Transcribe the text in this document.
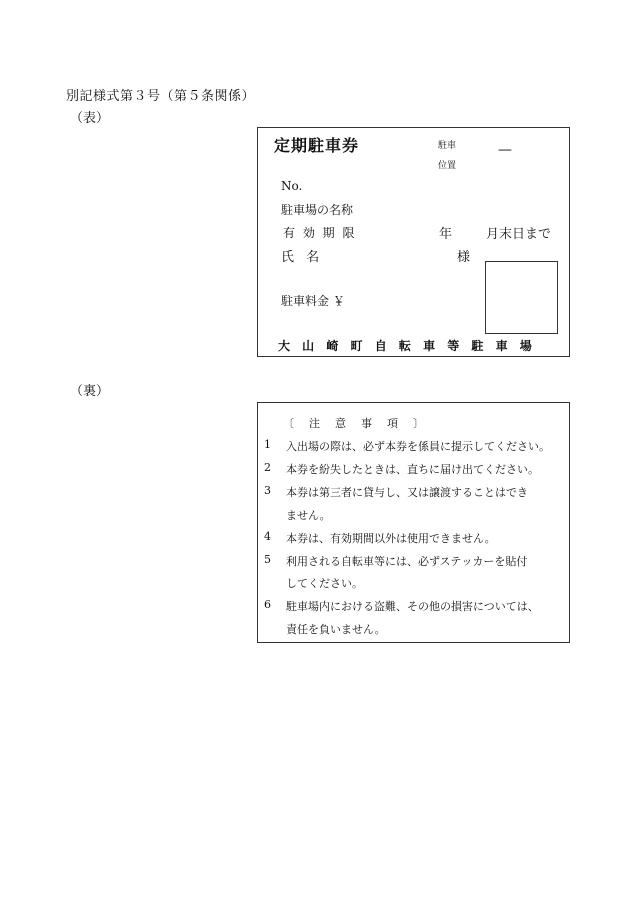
別記様式第３号（第５条関係）
（表）
定期駐車券	駐車
位置
—
No.
駐車場の名称
有 効 期 限	年	月末日まで
氏 名	様
駐車料金 ￥
大 山 崎 町 自 転 車 等 駐 車 場
（裏）
〔　注　意　事　項　〕
1 入出場の際は、必ず本券を係員に提示してください。
2 本券を紛失したときは、直ちに届け出てください。
3 本券は第三者に貸与し、又は譲渡することはでき
ません。
4 本券は、有効期間以外は使用できません。
5 利用される自転車等には、必ずステッカーを貼付
してください。
6 駐車場内における盗難、その他の損害については、
責任を負いません。
